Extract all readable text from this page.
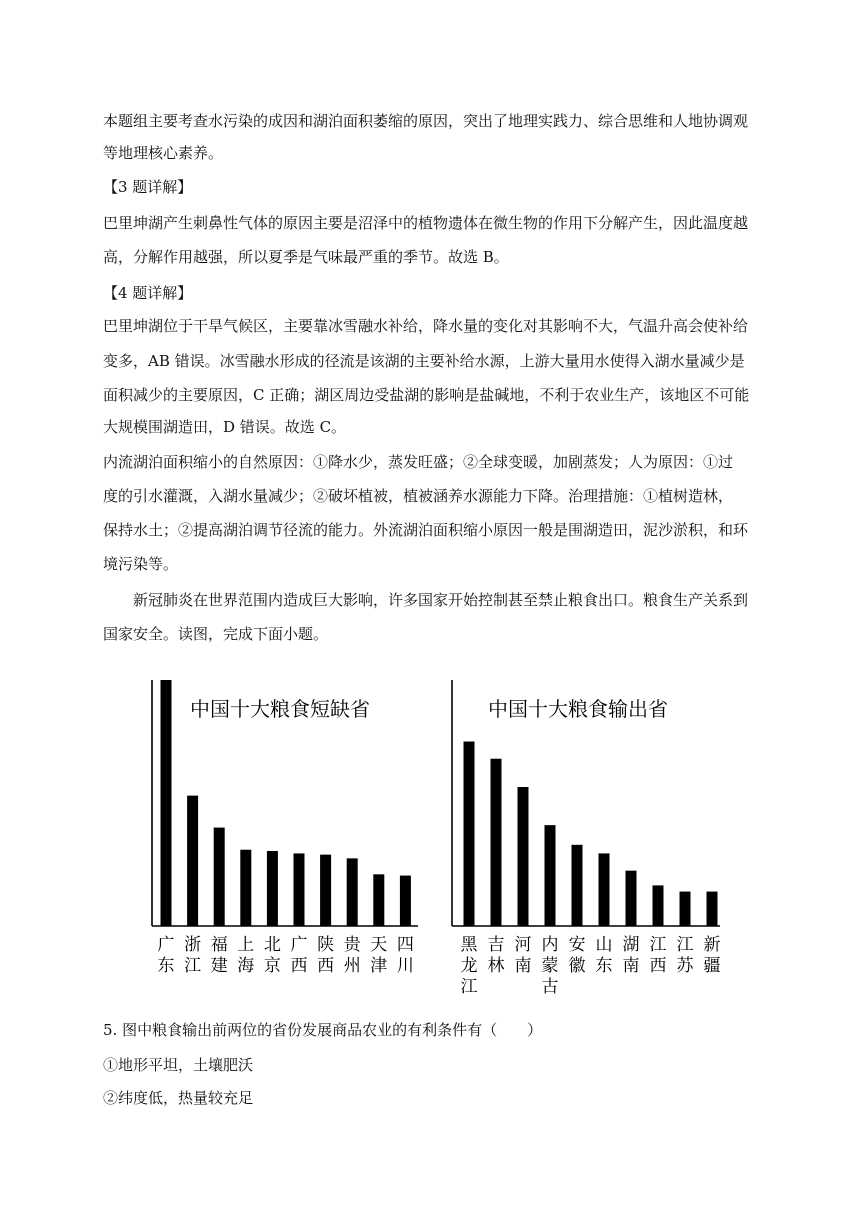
本题组主要考查水污染的成因和湖泊面积萎缩的原因，突出了地理实践力、综合思维和人地协调观

等地理核心素养。

【3 题详解】

巴里坤湖产生刺鼻性气体的原因主要是沼泽中的植物遗体在微生物的作用下分解产生，因此温度越

高，分解作用越强，所以夏季是气味最严重的季节。故选 B。

【4 题详解】

巴里坤湖位于干旱气候区，主要靠冰雪融水补给，降水量的变化对其影响不大，气温升高会使补给

变多，AB 错误。冰雪融水形成的径流是该湖的主要补给水源，上游大量用水使得入湖水量减少是

面积减少的主要原因，C 正确；湖区周边受盐湖的影响是盐碱地，不利于农业生产，该地区不可能

大规模围湖造田，D 错误。故选 C。

内流湖泊面积缩小的自然原因：①降水少，蒸发旺盛；②全球变暖，加剧蒸发；人为原因：①过

度的引水灌溉，入湖水量减少；②破坏植被，植被涵养水源能力下降。治理措施：①植树造林，

保持水土；②提高湖泊调节径流的能力。外流湖泊面积缩小原因一般是围湖造田，泥沙淤积，和环

境污染等。

新冠肺炎在世界范围内造成巨大影响，许多国家开始控制甚至禁止粮食出口。粮食生产关系到

国家安全。读图，完成下面小题。

中国十大粮食短缺省
广
东
浙
江
福
建
上
海
北
京
广
西
陕
西
贵
州
天
津
四
川
中国十大粮食输出省
黑
龙
江
吉
林
河
南
内
蒙
古
安
徽
山
东
湖
南
江
西
江
苏
新
疆

5. 图中粮食输出前两位的省份发展商品农业的有利条件有（　　）

①地形平坦，土壤肥沃

②纬度低，热量较充足
